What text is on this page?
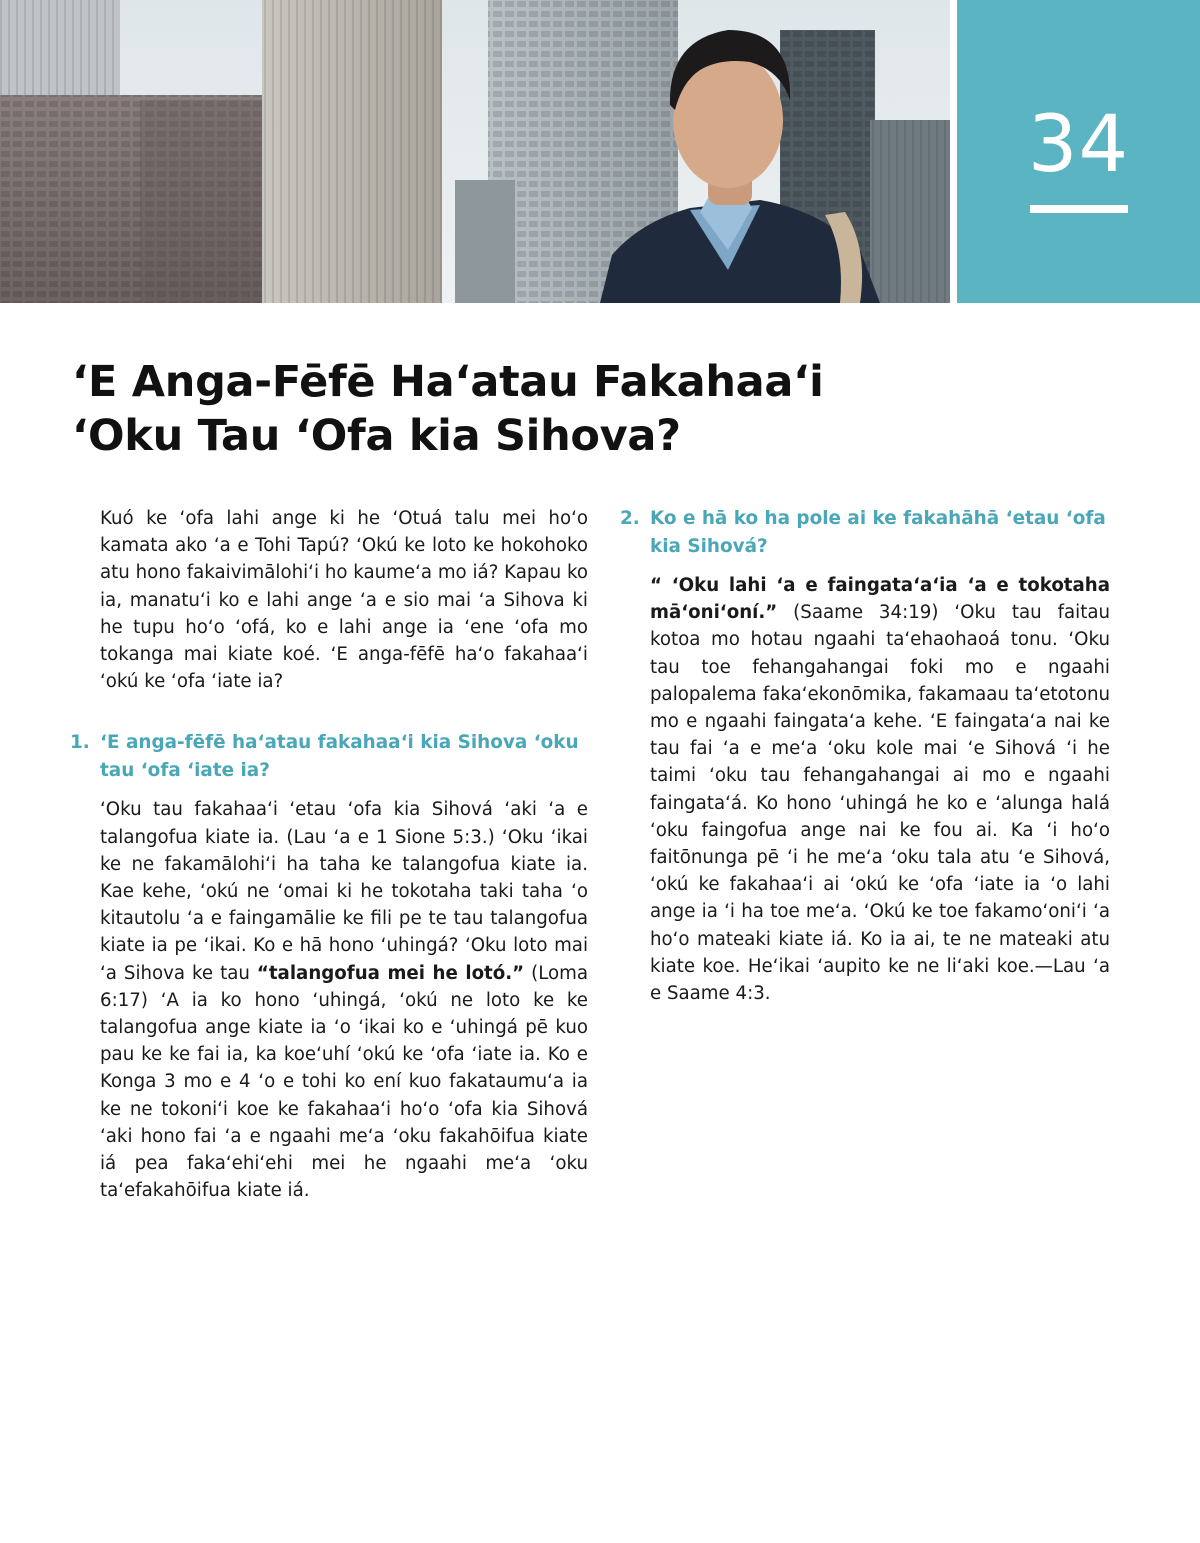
34
‘E Anga-Fēfē Ha‘atau Fakahaa‘i
‘Oku Tau ‘Ofa kia Sihova?

Kuó ke ‘ofa lahi ange ki he ‘Otuá talu mei ho‘o kamata ako ‘a e Tohi Tapú? ‘Okú ke loto ke hokohoko atu hono fakaivimālohi‘i ho kaume‘a mo iá? Kapau ko ia, manatu‘i ko e lahi ange ‘a e sio mai ‘a Sihova ki he tupu ho‘o ‘ofá, ko e lahi ange ia ‘ene ‘ofa mo tokanga mai kiate koé. ‘E anga-fēfē ha‘o fakahaa‘i ‘okú ke ‘ofa ‘iate ia?

1. ‘E anga-fēfē ha‘atau fakahaa‘i kia Sihova ‘oku tau ‘ofa ‘iate ia?

‘Oku tau fakahaa‘i ‘etau ‘ofa kia Sihová ‘aki ‘a e talangofua kiate ia. (Lau ‘a e 1 Sione 5:3.) ‘Oku ‘ikai ke ne fakamālohi‘i ha taha ke talangofua kiate ia. Kae kehe, ‘okú ne ‘omai ki he tokotaha taki taha ‘o kitautolu ‘a e faingamālie ke fili pe te tau talangofua kiate ia pe ‘ikai. Ko e hā hono ‘uhingá? ‘Oku loto mai ‘a Sihova ke tau “talangofua mei he lotó.” (Loma 6:17) ‘A ia ko hono ‘uhingá, ‘okú ne loto ke ke talangofua ange kiate ia ‘o ‘ikai ko e ‘uhingá pē kuo pau ke ke fai ia, ka koe‘uhí ‘okú ke ‘ofa ‘iate ia. Ko e Konga 3 mo e 4 ‘o e tohi ko ení kuo fakataumu‘a ia ke ne tokoni‘i koe ke fakahaa‘i ho‘o ‘ofa kia Sihová ‘aki hono fai ‘a e ngaahi me‘a ‘oku fakahōifua kiate iá pea faka‘ehi‘ehi mei he ngaahi me‘a ‘oku ta‘efakahōifua kiate iá.

2. Ko e hā ko ha pole ai ke fakahāhā ‘etau ‘ofa kia Sihová?

“ ‘Oku lahi ‘a e faingata‘a‘ia ‘a e tokotaha mā‘oni‘oní.” (Saame 34:19) ‘Oku tau faitau kotoa mo hotau ngaahi ta‘ehaohaoá tonu. ‘Oku tau toe fehangahangai foki mo e ngaahi palopalema faka‘ekonōmika, fakamaau ta‘etotonu mo e ngaahi faingata‘a kehe. ‘E faingata‘a nai ke tau fai ‘a e me‘a ‘oku kole mai ‘e Sihová ‘i he taimi ‘oku tau fehangahangai ai mo e ngaahi faingata‘á. Ko hono ‘uhingá he ko e ‘alunga halá ‘oku faingofua ange nai ke fou ai. Ka ‘i ho‘o faitōnunga pē ‘i he me‘a ‘oku tala atu ‘e Sihová, ‘okú ke fakahaa‘i ai ‘okú ke ‘ofa ‘iate ia ‘o lahi ange ia ‘i ha toe me‘a. ‘Okú ke toe fakamo‘oni‘i ‘a ho‘o mateaki kiate iá. Ko ia ai, te ne mateaki atu kiate koe. He‘ikai ‘aupito ke ne li‘aki koe.—Lau ‘a e Saame 4:3.
